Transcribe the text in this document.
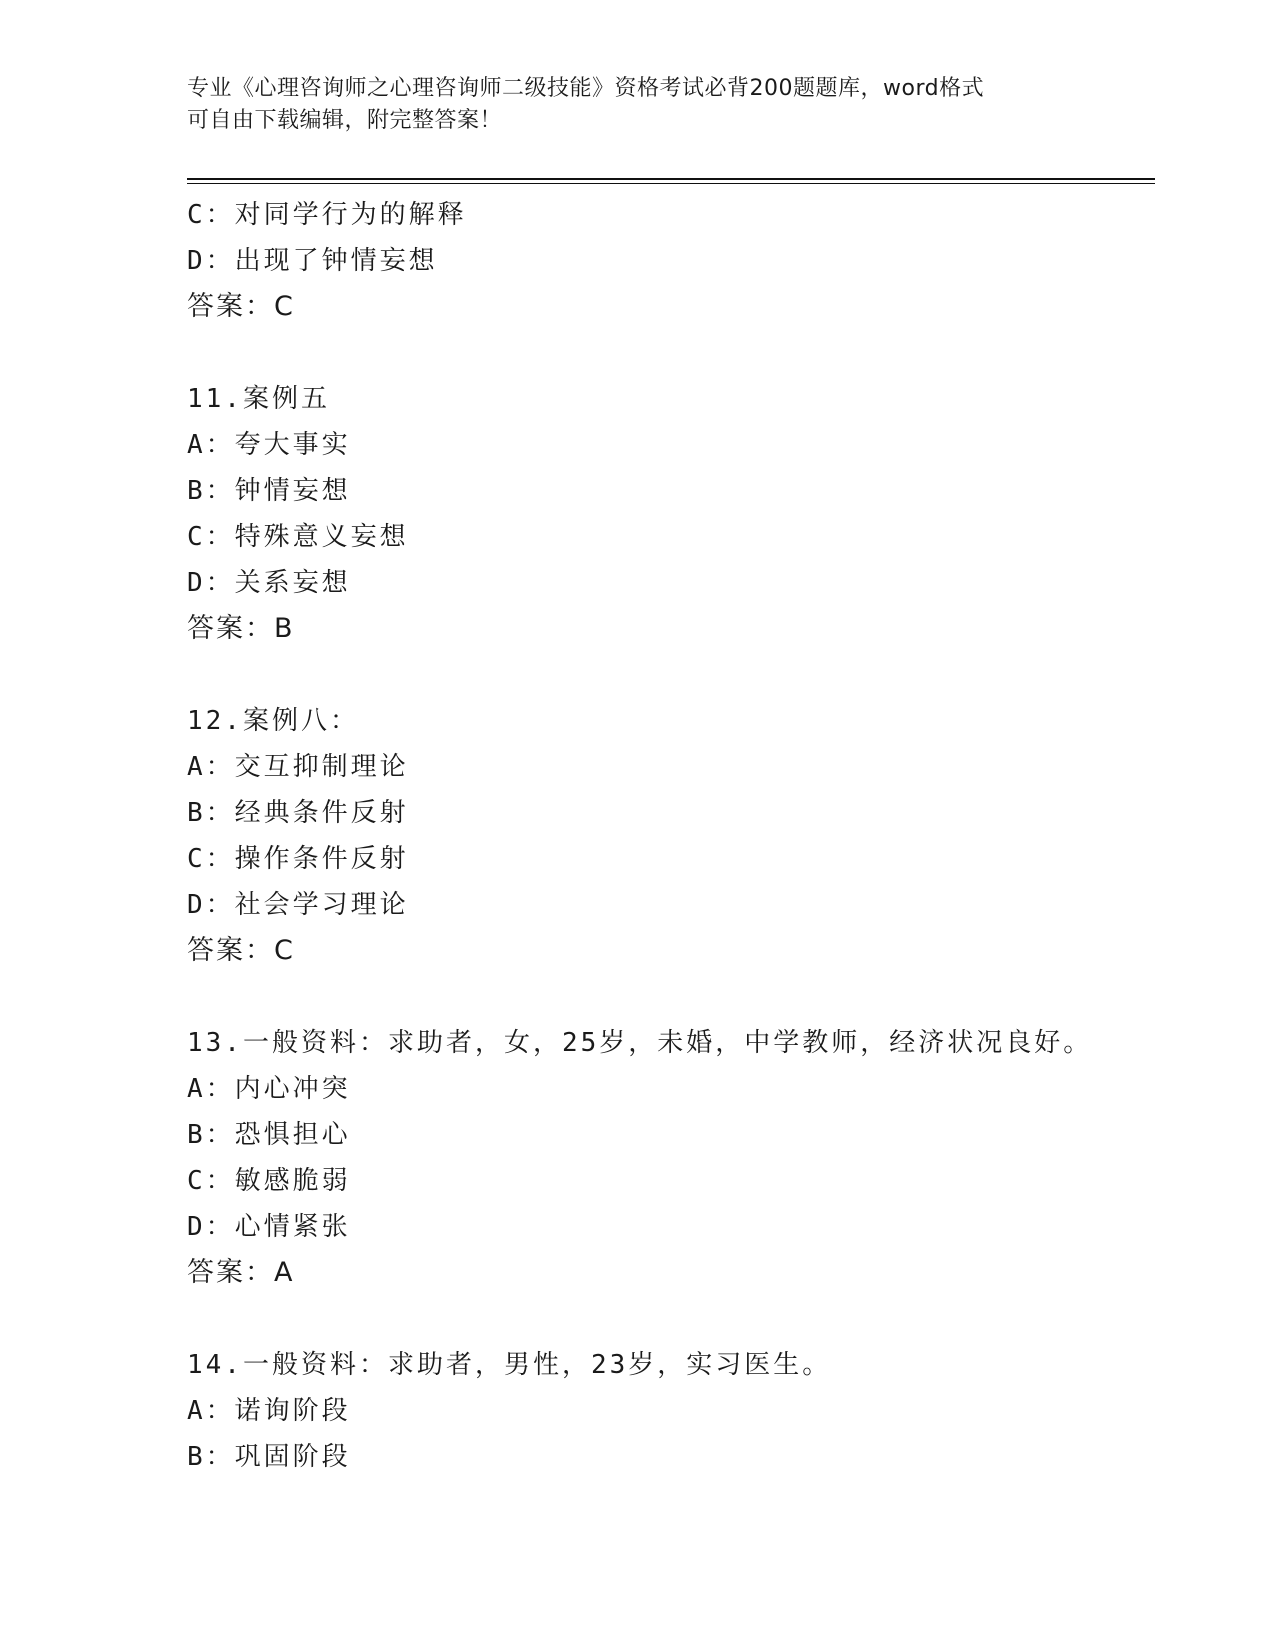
专业《心理咨询师之心理咨询师二级技能》资格考试必背200题题库，word格式
可自由下载编辑，附完整答案！
C：对同学行为的解释
D：出现了钟情妄想
答案：C
11.案例五
A：夸大事实
B：钟情妄想
C：特殊意义妄想
D：关系妄想
答案：B
12.案例八：
A：交互抑制理论
B：经典条件反射
C：操作条件反射
D：社会学习理论
答案：C
13.一般资料：求助者，女，25岁，未婚，中学教师，经济状况良好。
A：内心冲突
B：恐惧担心
C：敏感脆弱
D：心情紧张
答案：A
14.一般资料：求助者，男性，23岁，实习医生。
A：诺询阶段
B：巩固阶段
